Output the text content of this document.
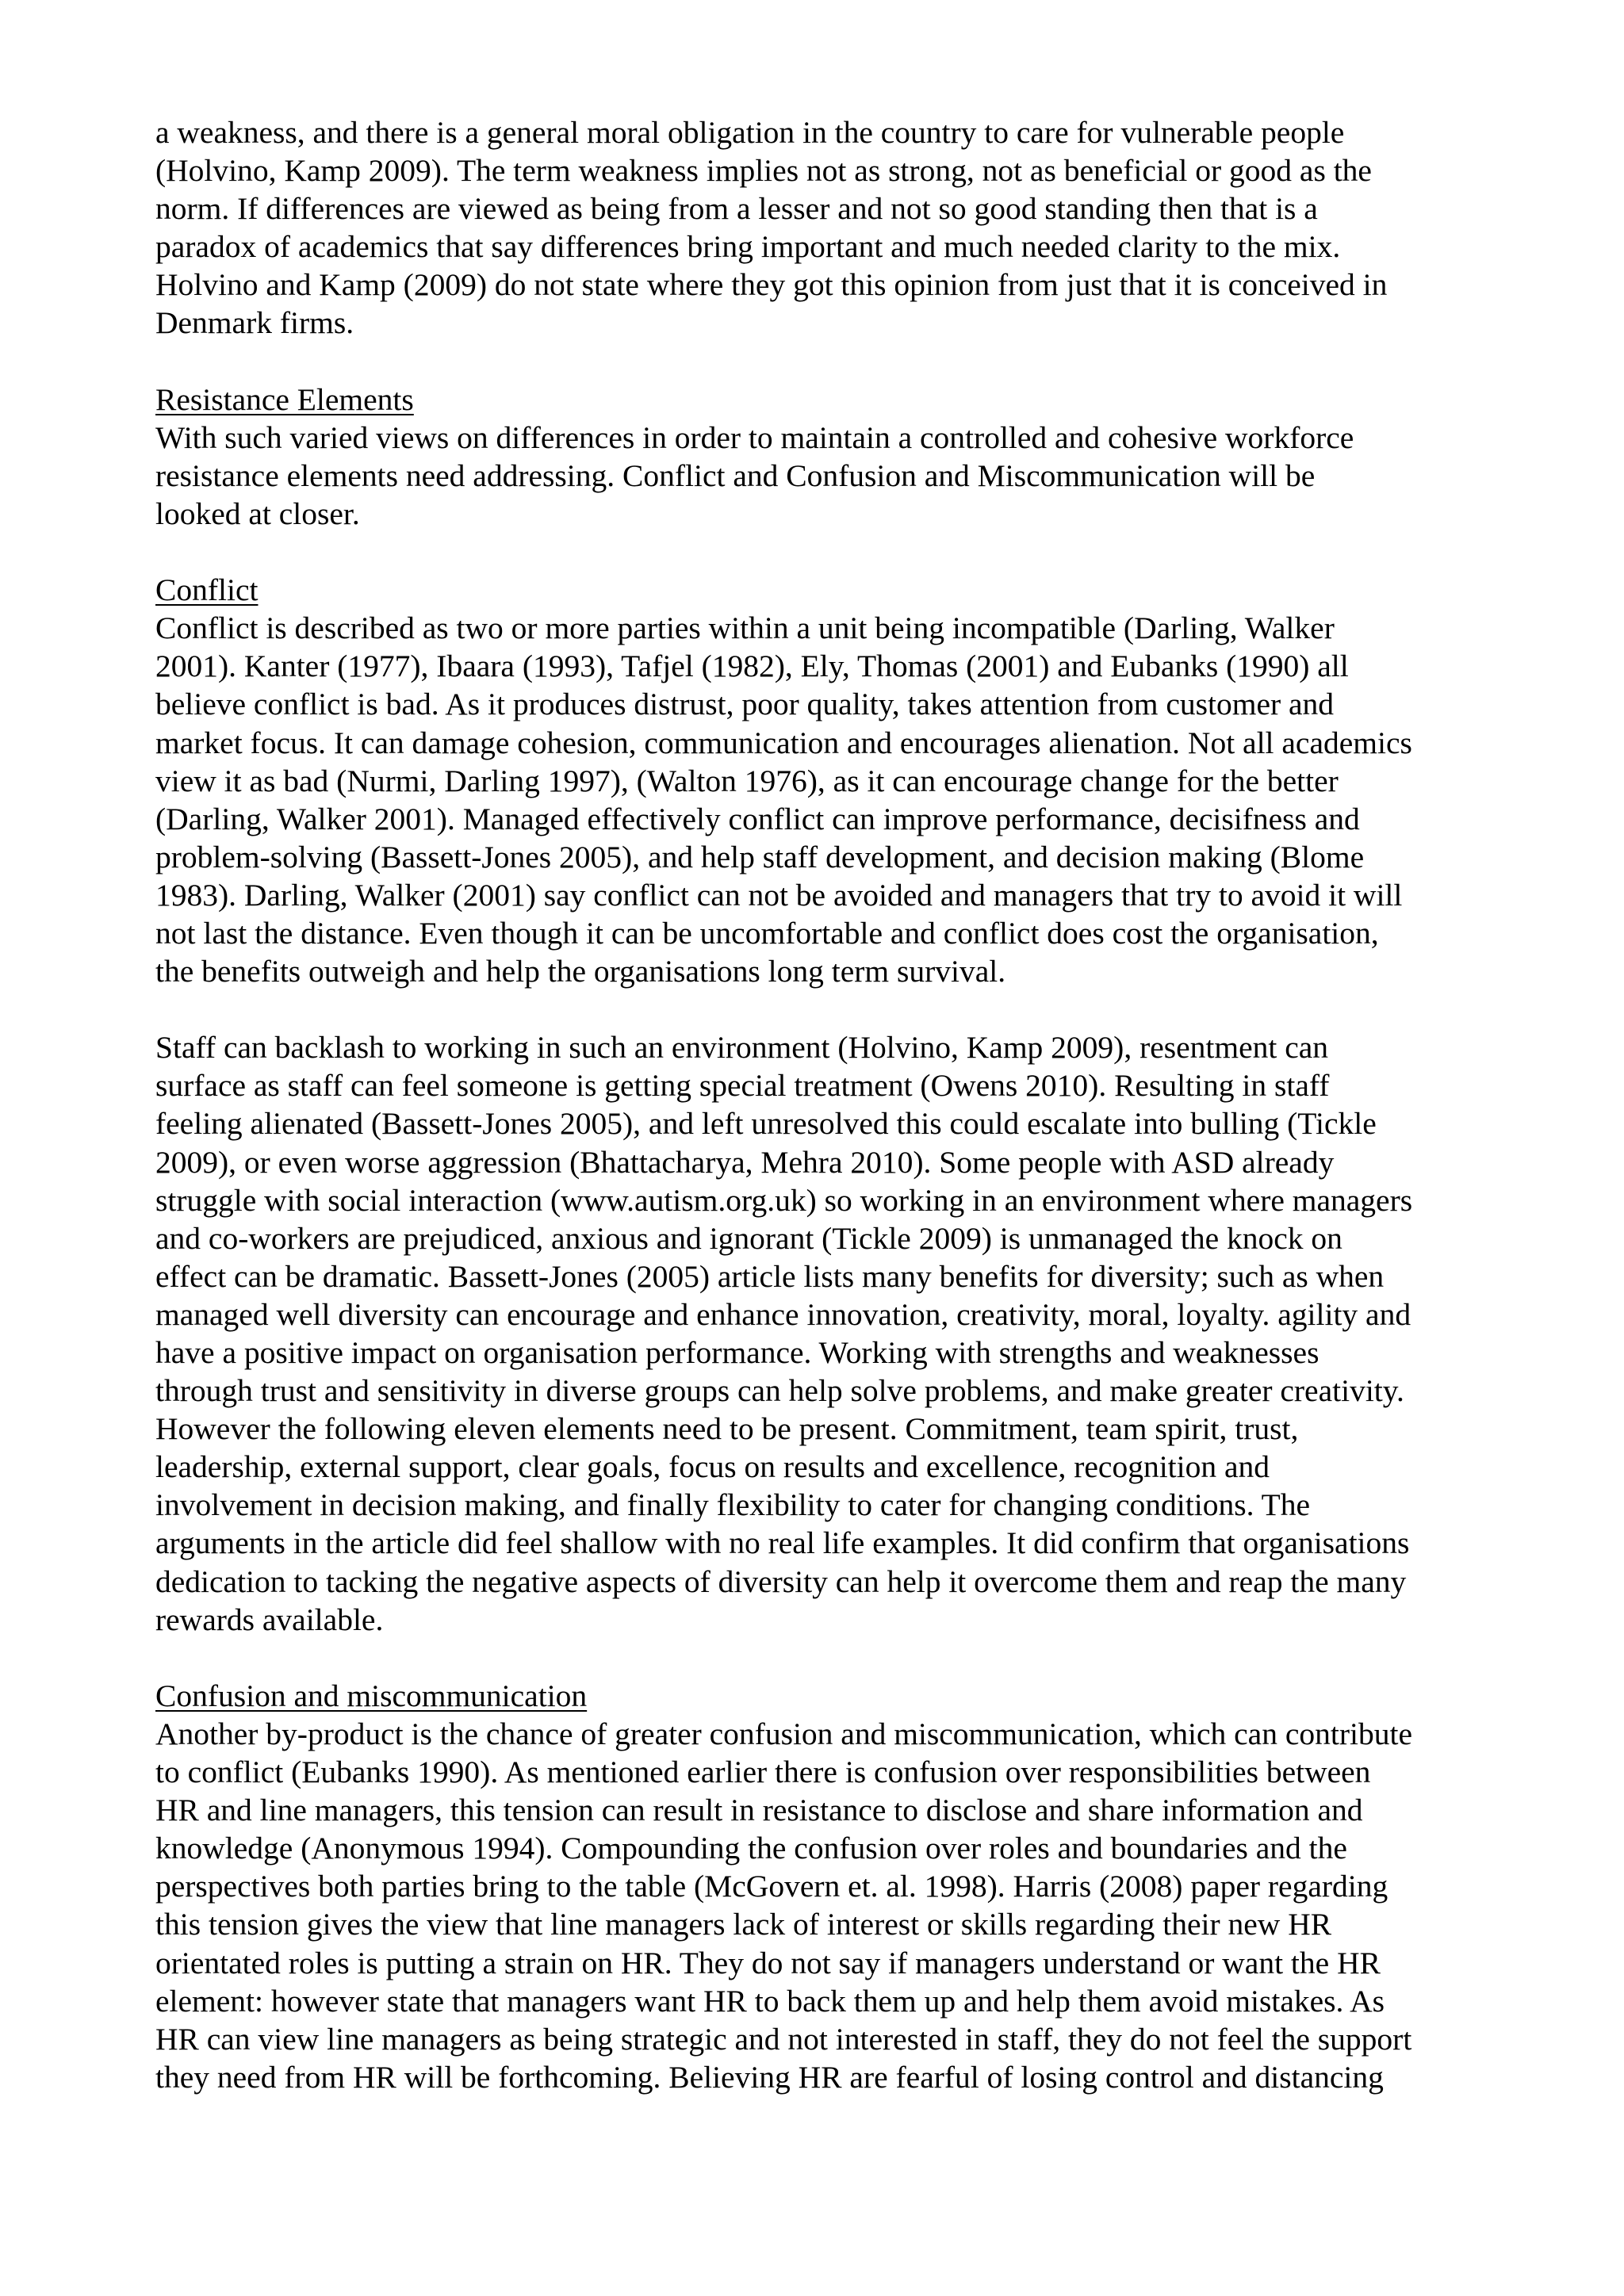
a weakness, and there is a general moral obligation in the country to care for vulnerable people
(Holvino, Kamp 2009). The term weakness implies not as strong, not as beneficial or good as the
norm. If differences are viewed as being from a lesser and not so good standing then that is a
paradox of academics that say differences bring important and much needed clarity to the mix.
Holvino and Kamp (2009) do not state where they got this opinion from just that it is conceived in
Denmark firms.
Resistance Elements
With such varied views on differences in order to maintain a controlled and cohesive workforce
resistance elements need addressing. Conflict and Confusion and Miscommunication will be
looked at closer.
Conflict
Conflict is described as two or more parties within a unit being incompatible (Darling, Walker
2001). Kanter (1977), Ibaara (1993), Tafjel (1982), Ely, Thomas (2001) and Eubanks (1990) all
believe conflict is bad. As it produces distrust, poor quality, takes attention from customer and
market focus. It can damage cohesion, communication and encourages alienation. Not all academics
view it as bad (Nurmi, Darling 1997), (Walton 1976), as it can encourage change for the better
(Darling, Walker 2001). Managed effectively conflict can improve performance, decisifness and
problem-solving (Bassett-Jones 2005), and help staff development, and decision making (Blome
1983). Darling, Walker (2001) say conflict can not be avoided and managers that try to avoid it will
not last the distance. Even though it can be uncomfortable and conflict does cost the organisation,
the benefits outweigh and help the organisations long term survival.
Staff can backlash to working in such an environment (Holvino, Kamp 2009), resentment can
surface as staff can feel someone is getting special treatment (Owens 2010). Resulting in staff
feeling alienated (Bassett-Jones 2005), and left unresolved this could escalate into bulling (Tickle
2009), or even worse aggression (Bhattacharya, Mehra 2010). Some people with ASD already
struggle with social interaction (www.autism.org.uk) so working in an environment where managers
and co-workers are prejudiced, anxious and ignorant (Tickle 2009) is unmanaged the knock on
effect can be dramatic. Bassett-Jones (2005) article lists many benefits for diversity; such as when
managed well diversity can encourage and enhance innovation, creativity, moral, loyalty. agility and
have a positive impact on organisation performance. Working with strengths and weaknesses
through trust and sensitivity in diverse groups can help solve problems, and make greater creativity.
However the following eleven elements need to be present. Commitment, team spirit, trust,
leadership, external support, clear goals, focus on results and excellence, recognition and
involvement in decision making, and finally flexibility to cater for changing conditions. The
arguments in the article did feel shallow with no real life examples. It did confirm that organisations
dedication to tacking the negative aspects of diversity can help it overcome them and reap the many
rewards available.
Confusion and miscommunication
Another by-product is the chance of greater confusion and miscommunication, which can contribute
to conflict (Eubanks 1990). As mentioned earlier there is confusion over responsibilities between
HR and line managers, this tension can result in resistance to disclose and share information and
knowledge (Anonymous 1994). Compounding the confusion over roles and boundaries and the
perspectives both parties bring to the table (McGovern et. al. 1998). Harris (2008) paper regarding
this tension gives the view that line managers lack of interest or skills regarding their new HR
orientated roles is putting a strain on HR. They do not say if managers understand or want the HR
element: however state that managers want HR to back them up and help them avoid mistakes. As
HR can view line managers as being strategic and not interested in staff, they do not feel the support
they need from HR will be forthcoming. Believing HR are fearful of losing control and distancing
